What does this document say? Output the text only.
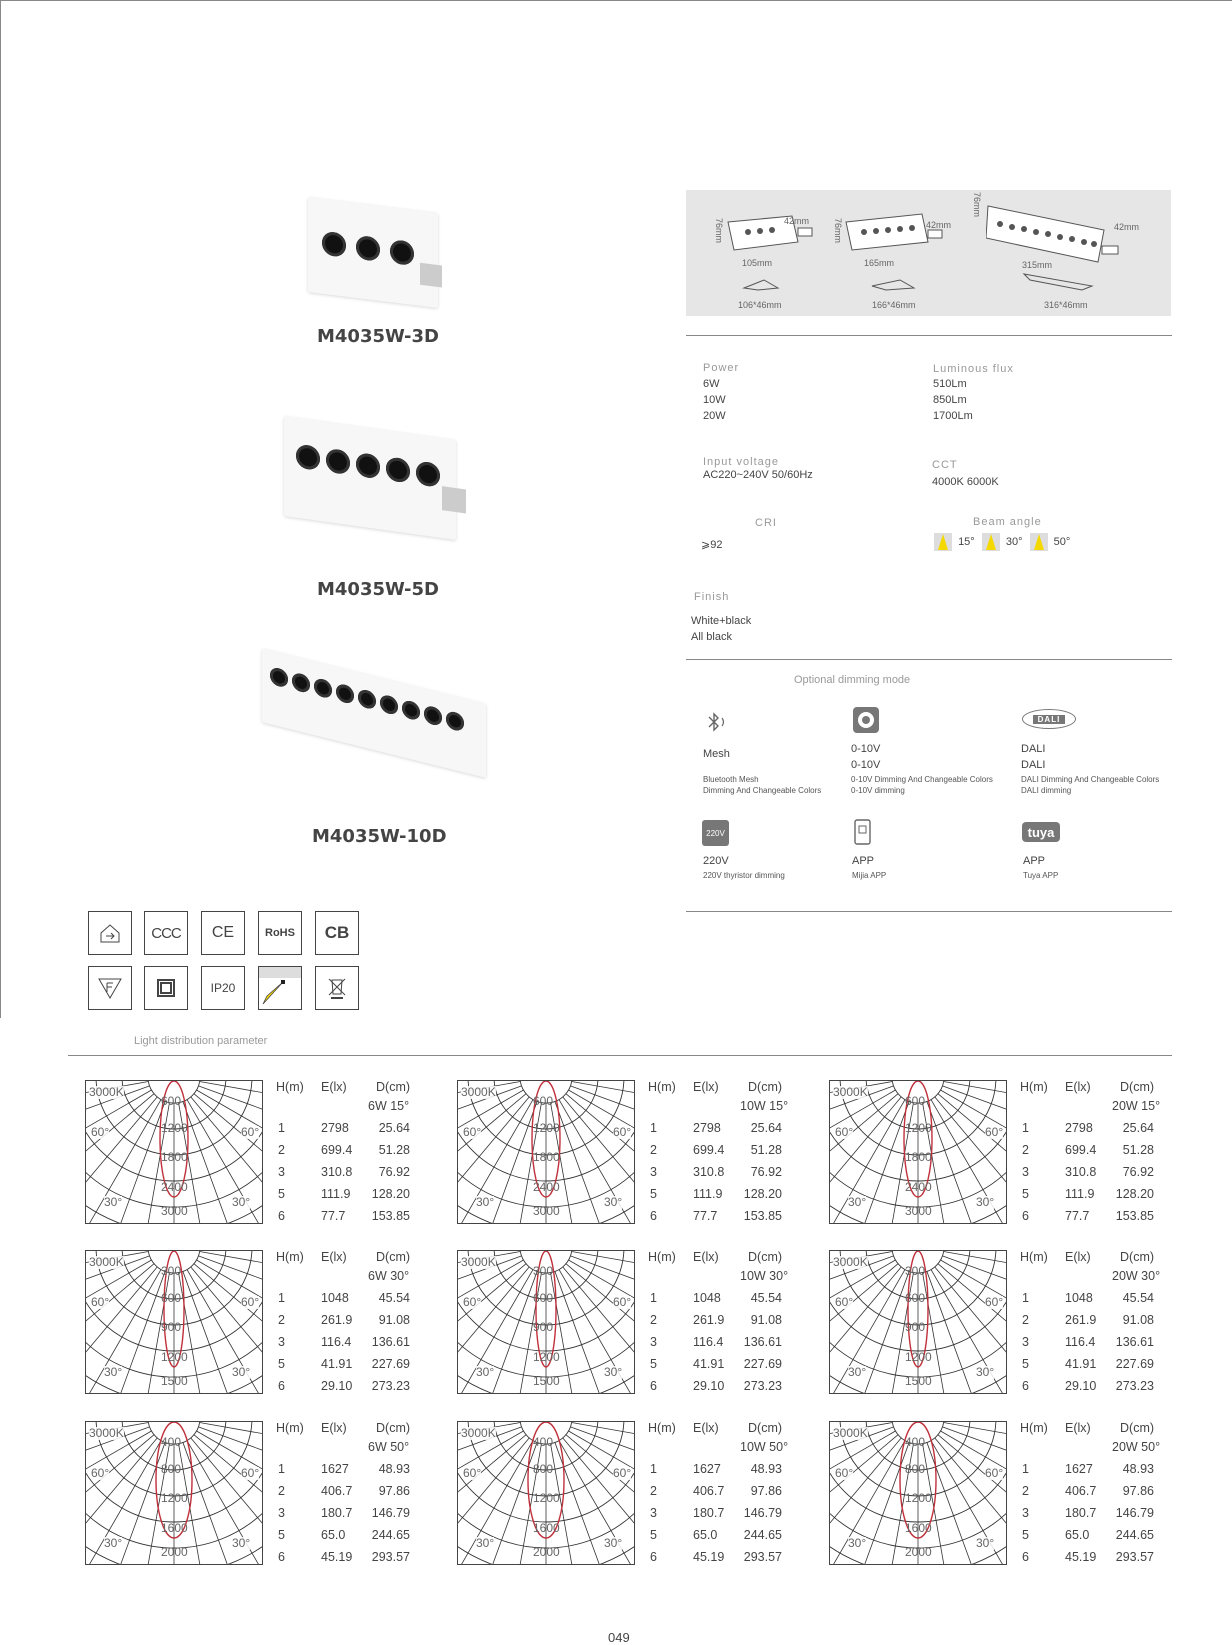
M4035W-3D
M4035W-5D
M4035W-10D
76mm	42mm
105mm
106*46mm
76mm	42mm
165mm
166*46mm
76mm
42mm
315mm
316*46mm
Power
6W
10W
20W
Luminous flux
510Lm
850Lm
1700Lm
Input voltage
AC220~240V 50/60Hz
CCT
4000K 6000K
CRI
⩾92
Beam angle
15°	30°	50°
Finish
White+black
All black
Optional dimming mode
Mesh
Bluetooth Mesh
Dimming And Changeable Colors
0-10V
0-10V
0-10V Dimming And Changeable Colors
0-10V dimming
DALI
DALI
DALI
DALI Dimming And Changeable Colors
DALI dimming
220V
220V
220V thyristor dimming
APP
Mijia APP
tuya
APP
Tuya APP
CCC	CE	RoHS	CB
IP20
Light distribution parameter
3000K
60°	60°
30°	30°
600
1200
1800
2400
3000
H(m) E(lx) D(cm)
6W 15°
1	2798	25.64
2	699.4	51.28
3	310.8	76.92
5	111.9	128.20
6	77.7	153.85
3000K
60°	60°
30°	30°
600
1200
1800
2400
3000
H(m) E(lx) D(cm)
10W 15°
1	2798	25.64
2	699.4	51.28
3	310.8	76.92
5	111.9	128.20
6	77.7	153.85
3000K
60°	60°
30°	30°
600
1200
1800
2400
3000
H(m) E(lx) D(cm)
20W 15°
1	2798	25.64
2	699.4	51.28
3	310.8	76.92
5	111.9	128.20
6	77.7	153.85
3000K
60°	60°
30°	30°
300
600
900
1200
1500
H(m) E(lx) D(cm)
6W 30°
1	1048	45.54
2	261.9	91.08
3	116.4	136.61
5	41.91	227.69
6	29.10	273.23
3000K
60°	60°
30°	30°
300
600
900
1200
1500
H(m) E(lx) D(cm)
10W 30°
1	1048	45.54
2	261.9	91.08
3	116.4	136.61
5	41.91	227.69
6	29.10	273.23
3000K
60°	60°
30°	30°
300
600
900
1200
1500
H(m) E(lx) D(cm)
20W 30°
1	1048	45.54
2	261.9	91.08
3	116.4	136.61
5	41.91	227.69
6	29.10	273.23
3000K
60°	60°
30°	30°
400
800
1200
1600
2000
H(m) E(lx) D(cm)
6W 50°
1	1627	48.93
2	406.7	97.86
3	180.7	146.79
5	65.0	244.65
6	45.19	293.57
3000K
60°	60°
30°	30°
400
800
1200
1600
2000
H(m) E(lx) D(cm)
10W 50°
1	1627	48.93
2	406.7	97.86
3	180.7	146.79
5	65.0	244.65
6	45.19	293.57
3000K
60°	60°
30°	30°
400
800
1200
1600
2000
H(m) E(lx) D(cm)
20W 50°
1	1627	48.93
2	406.7	97.86
3	180.7	146.79
5	65.0	244.65
6	45.19	293.57
049
